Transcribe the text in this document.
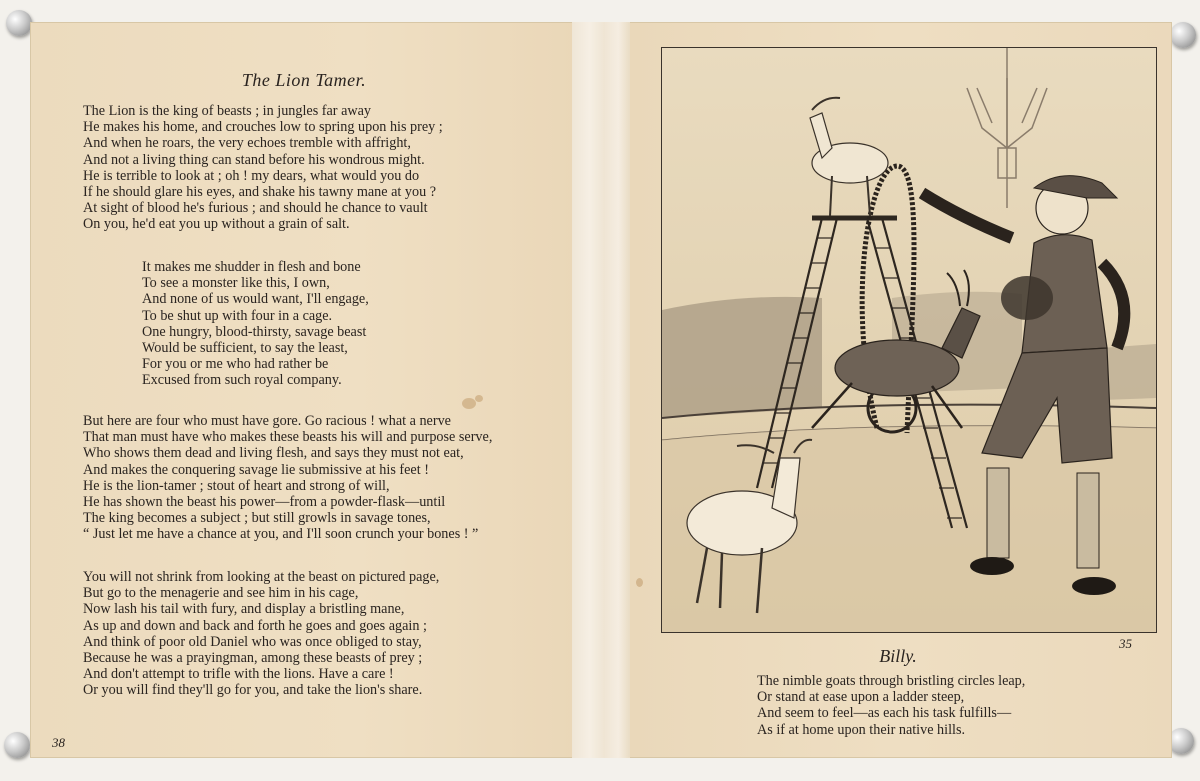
The Lion Tamer.
The Lion is the king of beasts ; in jungles far away
He makes his home, and crouches low to spring upon his prey ;
And when he roars, the very echoes tremble with affright,
And not a living thing can stand before his wondrous might.
He is terrible to look at ; oh ! my dears, what would you do
If he should glare his eyes, and shake his tawny mane at you ?
At sight of blood he's furious ; and should he chance to vault
On you, he'd eat you up without a grain of salt.
It makes me shudder in flesh and bone
To see a monster like this, I own,
And none of us would want, I'll engage,
To be shut up with four in a cage.
One hungry, blood-thirsty, savage beast
Would be sufficient, to say the least,
For you or me who had rather be
Excused from such royal company.
But here are four who must have gore. Go racious ! what a nerve
That man must have who makes these beasts his will and purpose serve,
Who shows them dead and living flesh, and says they must not eat,
And makes the conquering savage lie submissive at his feet !
He is the lion-tamer ; stout of heart and strong of will,
He has shown the beast his power—from a powder-flask—until
The king becomes a subject ; but still growls in savage tones,
“ Just let me have a chance at you, and I'll soon crunch your bones ! ”
You will not shrink from looking at the beast on pictured page,
But go to the menagerie and see him in his cage,
Now lash his tail with fury, and display a bristling mane,
As up and down and back and forth he goes and goes again ;
And think of poor old Daniel who was once obliged to stay,
Because he was a prayingman, among these beasts of prey ;
And don't attempt to trifle with the lions. Have a care !
Or you will find they'll go for you, and take the lion's share.
38
35
Billy.
The nimble goats through bristling circles leap,
Or stand at ease upon a ladder steep,
And seem to feel—as each his task fulfills—
As if at home upon their native hills.
